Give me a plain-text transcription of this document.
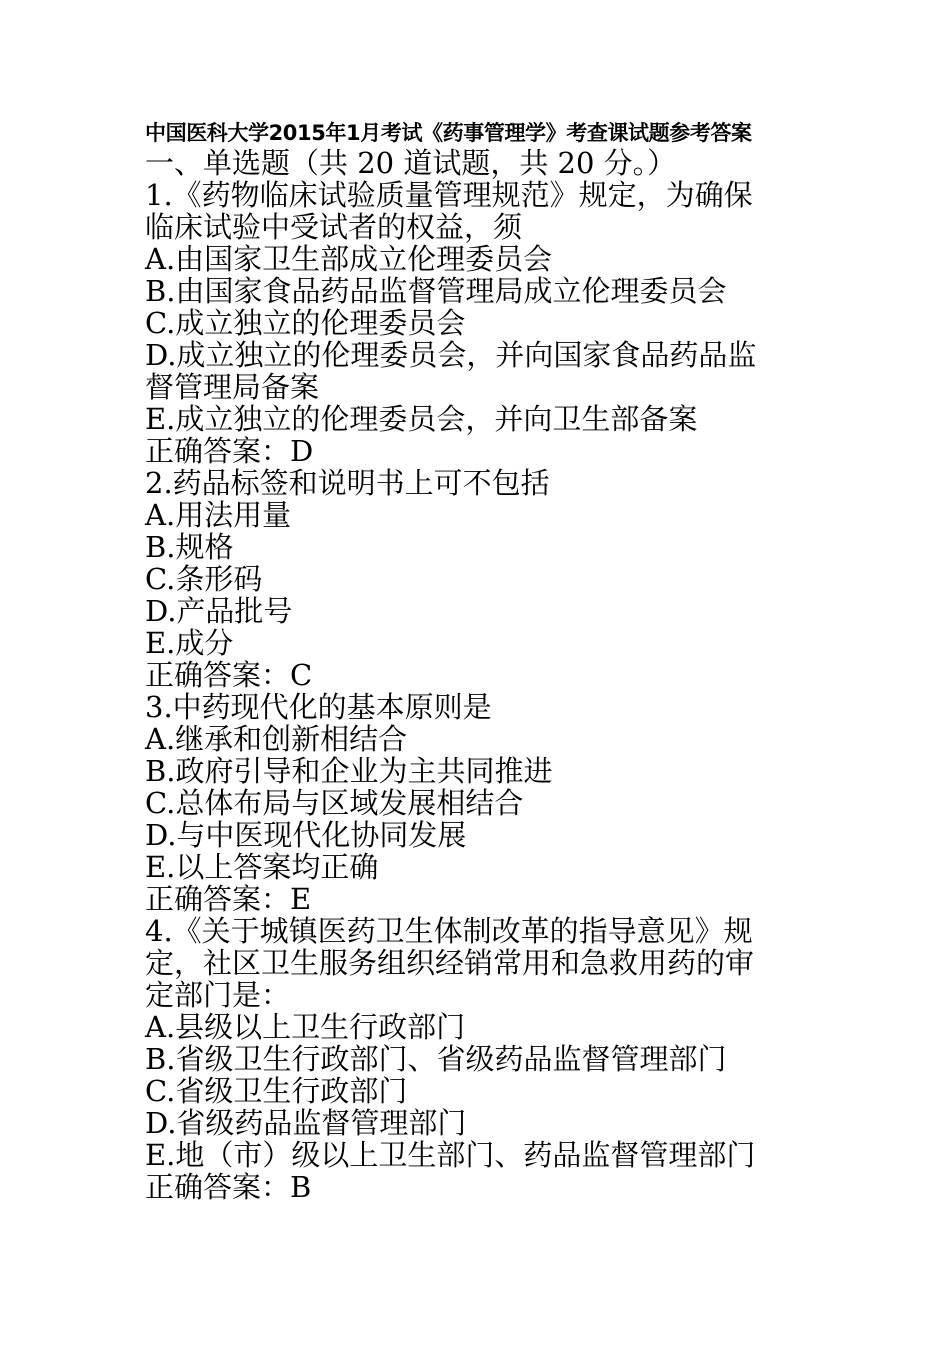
中国医科大学2015年1月考试《药事管理学》考查课试题参考答案
一、单选题（共 20 道试题，共 20 分。）
1.《药物临床试验质量管理规范》规定，为确保
临床试验中受试者的权益，须
A.由国家卫生部成立伦理委员会
B.由国家食品药品监督管理局成立伦理委员会
C.成立独立的伦理委员会
D.成立独立的伦理委员会，并向国家食品药品监
督管理局备案
E.成立独立的伦理委员会，并向卫生部备案
正确答案：D
2.药品标签和说明书上可不包括
A.用法用量
B.规格
C.条形码
D.产品批号
E.成分
正确答案：C
3.中药现代化的基本原则是
A.继承和创新相结合
B.政府引导和企业为主共同推进
C.总体布局与区域发展相结合
D.与中医现代化协同发展
E.以上答案均正确
正确答案：E
4.《关于城镇医药卫生体制改革的指导意见》规
定，社区卫生服务组织经销常用和急救用药的审
定部门是：
A.县级以上卫生行政部门
B.省级卫生行政部门、省级药品监督管理部门
C.省级卫生行政部门
D.省级药品监督管理部门
E.地（市）级以上卫生部门、药品监督管理部门
正确答案：B
